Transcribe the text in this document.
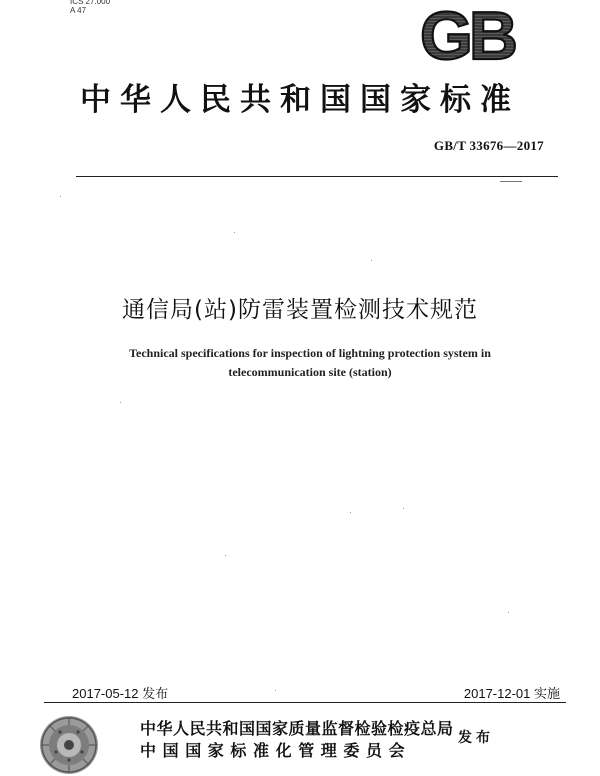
ICS 27.000
A 47	GB
中华人民共和国国家标准
GB/T 33676—2017
通信局(站)防雷装置检测技术规范
Technical specifications for inspection of lightning protection system in
telecommunication site (station)
2017-05-12 发布	2017-12-01 实施
中华人民共和国国家质量监督检验检疫总局
中国国家标准化管理委员会
发布
